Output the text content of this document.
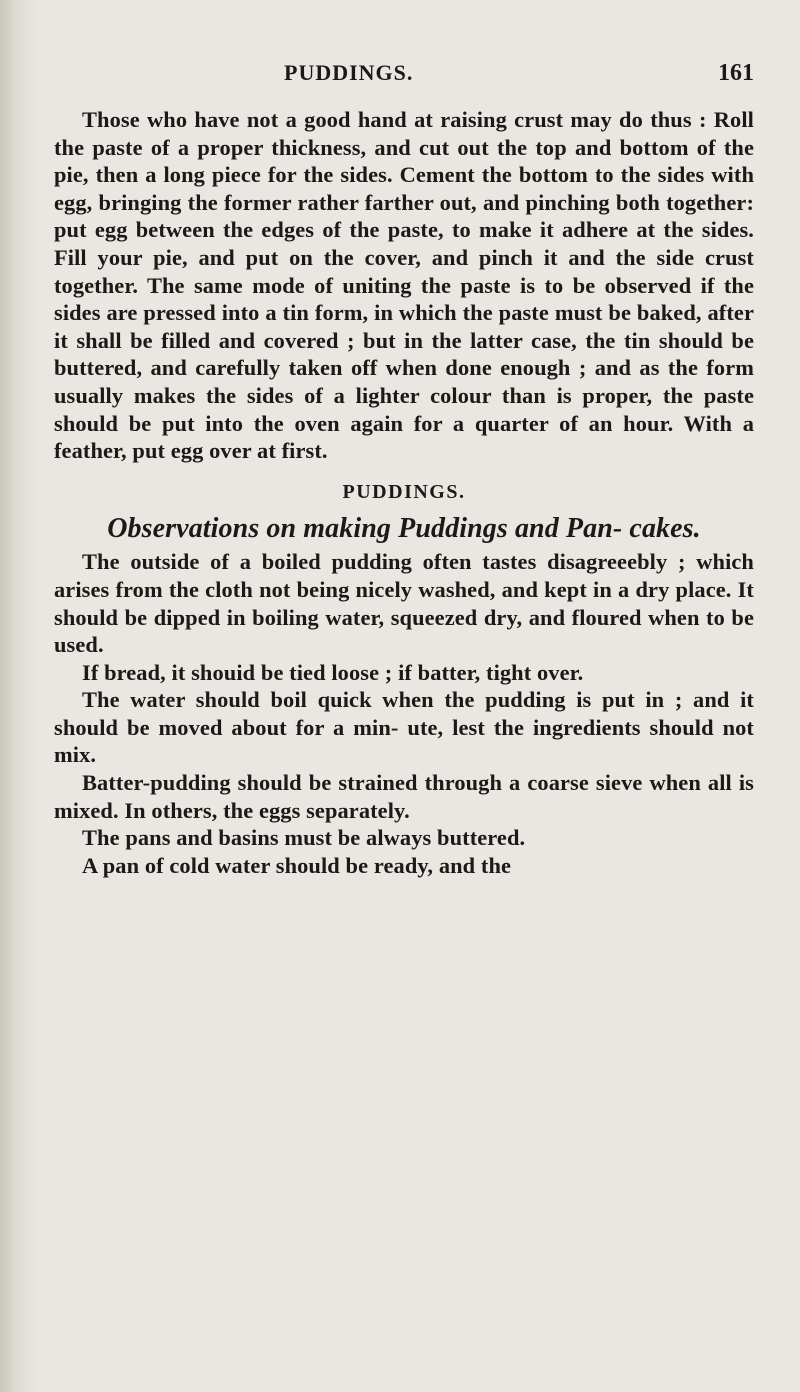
PUDDINGS.	161

Those who have not a good hand at raising crust may do thus : Roll the paste of a proper thickness, and cut out the top and bottom of the pie, then a long piece for the sides. Cement the bottom to the sides with egg, bringing the former rather farther out, and pinching both together: put egg between the edges of the paste, to make it adhere at the sides. Fill your pie, and put on the cover, and pinch it and the side crust together. The same mode of uniting the paste is to be observed if the sides are pressed into a tin form, in which the paste must be baked, after it shall be filled and covered ; but in the latter case, the tin should be buttered, and carefully taken off when done enough ; and as the form usually makes the sides of a lighter colour than is proper, the paste should be put into the oven again for a quarter of an hour. With a feather, put egg over at first.

PUDDINGS.
Observations on making Puddings and Pan- cakes.

The outside of a boiled pudding often tastes disagreeebly ; which arises from the cloth not being nicely washed, and kept in a dry place. It should be dipped in boiling water, squeezed dry, and floured when to be used.

If bread, it shouid be tied loose ; if batter, tight over.

The water should boil quick when the pudding is put in ; and it should be moved about for a min- ute, lest the ingredients should not mix.

Batter-pudding should be strained through a coarse sieve when all is mixed. In others, the eggs separately.

The pans and basins must be always buttered.

A pan of cold water should be ready, and the
